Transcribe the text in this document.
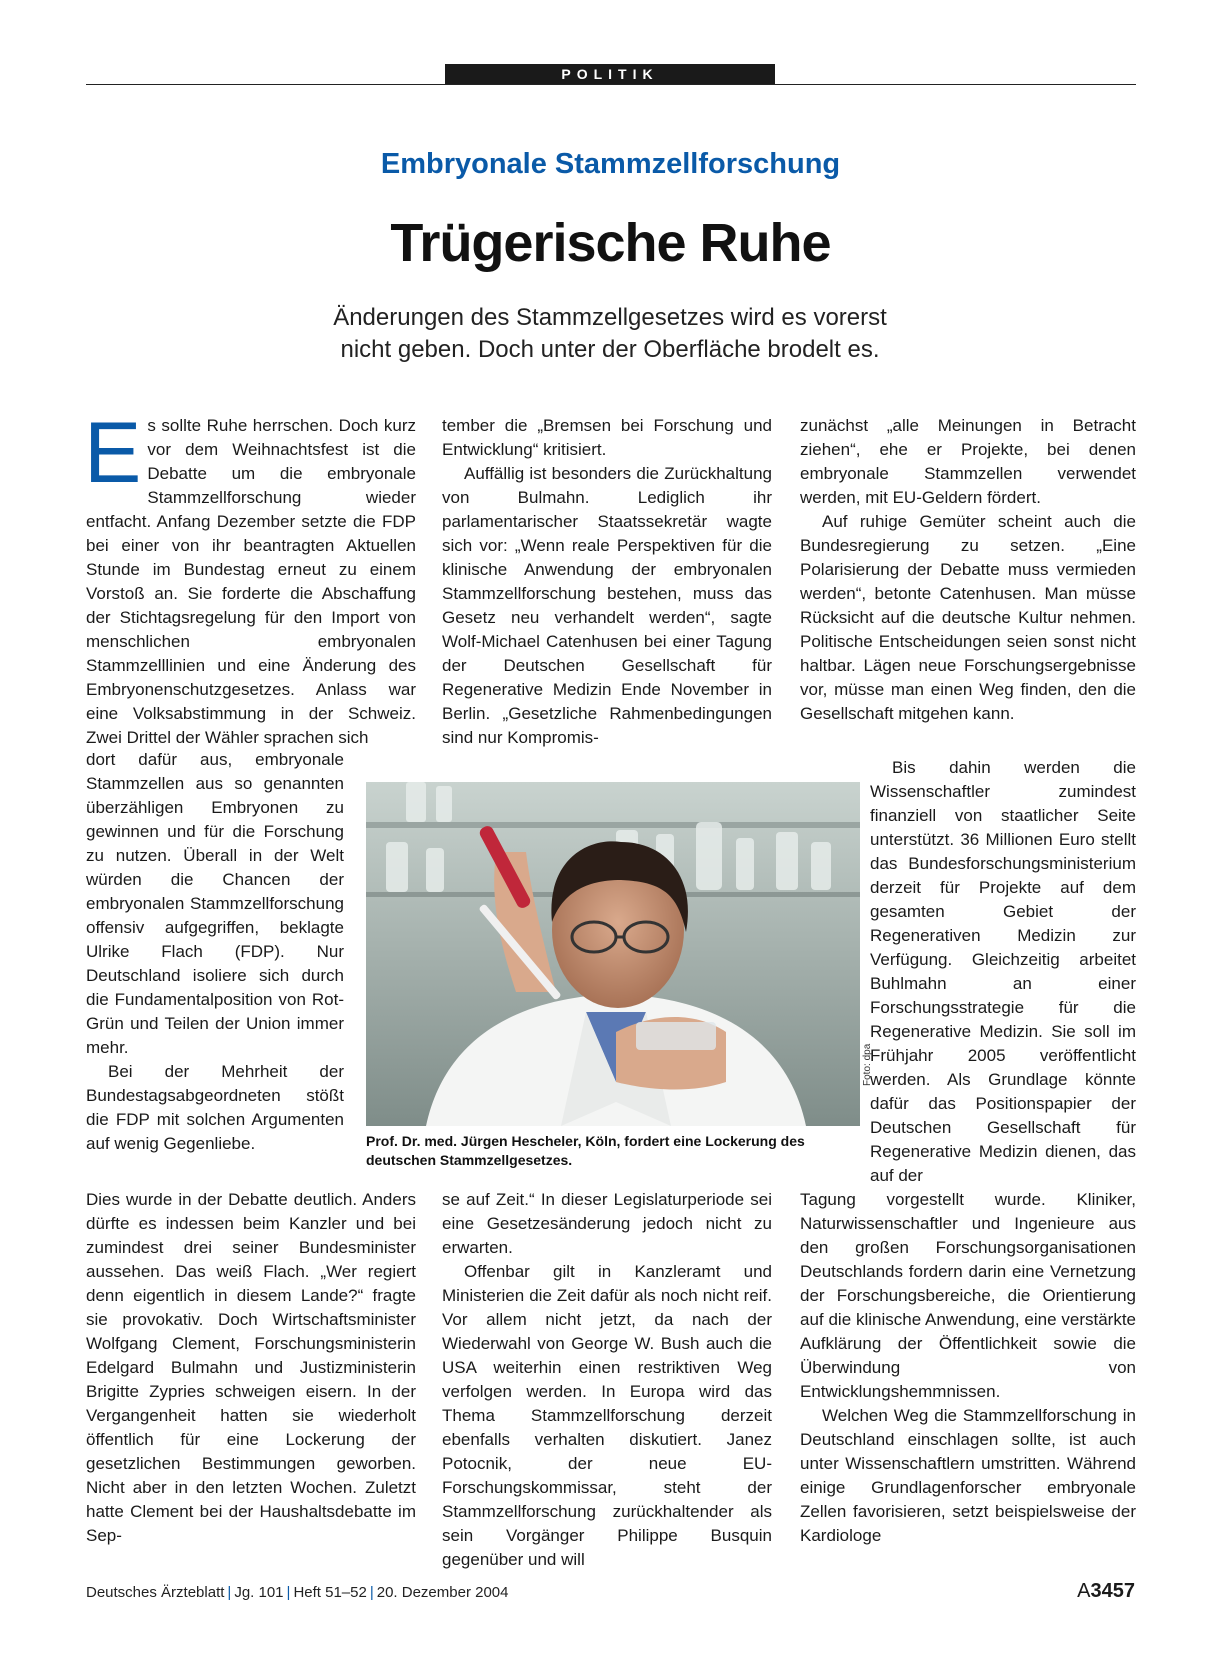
POLITIK
Embryonale Stammzellforschung
Trügerische Ruhe
Änderungen des Stammzellgesetzes wird es vorerst
nicht geben. Doch unter der Oberfläche brodelt es.

Es sollte Ruhe herrschen. Doch kurz vor dem Weihnachtsfest ist die Debatte um die embryonale Stammzellforschung wieder entfacht. Anfang Dezember setzte die FDP bei einer von ihr beantragten Aktuellen Stunde im Bundestag erneut zu einem Vorstoß an. Sie forderte die Abschaffung der Stichtagsregelung für den Import von menschlichen embryonalen Stammzelllinien und eine Änderung des Embryonenschutzgesetzes. Anlass war eine Volksabstimmung in der Schweiz. Zwei Drittel der Wähler sprachen sich

dort dafür aus, embryonale Stammzellen aus so genannten überzähligen Embryonen zu gewinnen und für die Forschung zu nutzen. Überall in der Welt würden die Chancen der embryonalen Stammzellforschung offensiv aufgegriffen, beklagte Ulrike Flach (FDP). Nur Deutschland isoliere sich durch die Fundamentalposition von Rot-Grün und Teilen der Union immer mehr.

Bei der Mehrheit der Bundestagsabgeordneten stößt die FDP mit solchen Argumenten auf wenig Gegenliebe.

Dies wurde in der Debatte deutlich. Anders dürfte es indessen beim Kanzler und bei zumindest drei seiner Bundesminister aussehen. Das weiß Flach. „Wer regiert denn eigentlich in diesem Lande?“ fragte sie provokativ. Doch Wirtschaftsminister Wolfgang Clement, Forschungsministerin Edelgard Bulmahn und Justizministerin Brigitte Zypries schweigen eisern. In der Vergangenheit hatten sie wiederholt öffentlich für eine Lockerung der gesetzlichen Bestimmungen geworben. Nicht aber in den letzten Wochen. Zuletzt hatte Clement bei der Haushaltsdebatte im Sep-

tember die „Bremsen bei Forschung und Entwicklung“ kritisiert.

Auffällig ist besonders die Zurückhaltung von Bulmahn. Lediglich ihr parlamentarischer Staatssekretär wagte sich vor: „Wenn reale Perspektiven für die klinische Anwendung der embryonalen Stammzellforschung bestehen, muss das Gesetz neu verhandelt werden“, sagte Wolf-Michael Catenhusen bei einer Tagung der Deutschen Gesellschaft für Regenerative Medizin Ende November in Berlin. „Gesetzliche Rahmenbedingungen sind nur Kompromis-

se auf Zeit.“ In dieser Legislaturperiode sei eine Gesetzesänderung jedoch nicht zu erwarten.

Offenbar gilt in Kanzleramt und Ministerien die Zeit dafür als noch nicht reif. Vor allem nicht jetzt, da nach der Wiederwahl von George W. Bush auch die USA weiterhin einen restriktiven Weg verfolgen werden. In Europa wird das Thema Stammzellforschung derzeit ebenfalls verhalten diskutiert. Janez Potocnik, der neue EU-Forschungskommissar, steht der Stammzellforschung zurückhaltender als sein Vorgänger Philippe Busquin gegenüber und will

zunächst „alle Meinungen in Betracht ziehen“, ehe er Projekte, bei denen embryonale Stammzellen verwendet werden, mit EU-Geldern fördert.

Auf ruhige Gemüter scheint auch die Bundesregierung zu setzen. „Eine Polarisierung der Debatte muss vermieden werden“, betonte Catenhusen. Man müsse Rücksicht auf die deutsche Kultur nehmen. Politische Entscheidungen seien sonst nicht haltbar. Lägen neue Forschungsergebnisse vor, müsse man einen Weg finden, den die Gesellschaft mitgehen kann.

Bis dahin werden die Wissenschaftler zumindest finanziell von staatlicher Seite unterstützt. 36 Millionen Euro stellt das Bundesforschungsministerium derzeit für Projekte auf dem gesamten Gebiet der Regenerativen Medizin zur Verfügung. Gleichzeitig arbeitet Buhlmahn an einer Forschungsstrategie für die Regenerative Medizin. Sie soll im Frühjahr 2005 veröffentlicht werden. Als Grundlage könnte dafür das Positionspapier der Deutschen Gesellschaft für Regenerative Medizin dienen, das auf der

Tagung vorgestellt wurde. Kliniker, Naturwissenschaftler und Ingenieure aus den großen Forschungsorganisationen Deutschlands fordern darin eine Vernetzung der Forschungsbereiche, die Orientierung auf die klinische Anwendung, eine verstärkte Aufklärung der Öffentlichkeit sowie die Überwindung von Entwicklungshemmnissen.

Welchen Weg die Stammzellforschung in Deutschland einschlagen sollte, ist auch unter Wissenschaftlern umstritten. Während einige Grundlagenforscher embryonale Zellen favorisieren, setzt beispielsweise der Kardiologe

Foto: dpa
Prof. Dr. med. Jürgen Hescheler, Köln, fordert eine Lockerung des deutschen Stammzellgesetzes.
Deutsches Ärzteblatt | Jg. 101 | Heft 51–52 | 20. Dezember 2004	A3457
